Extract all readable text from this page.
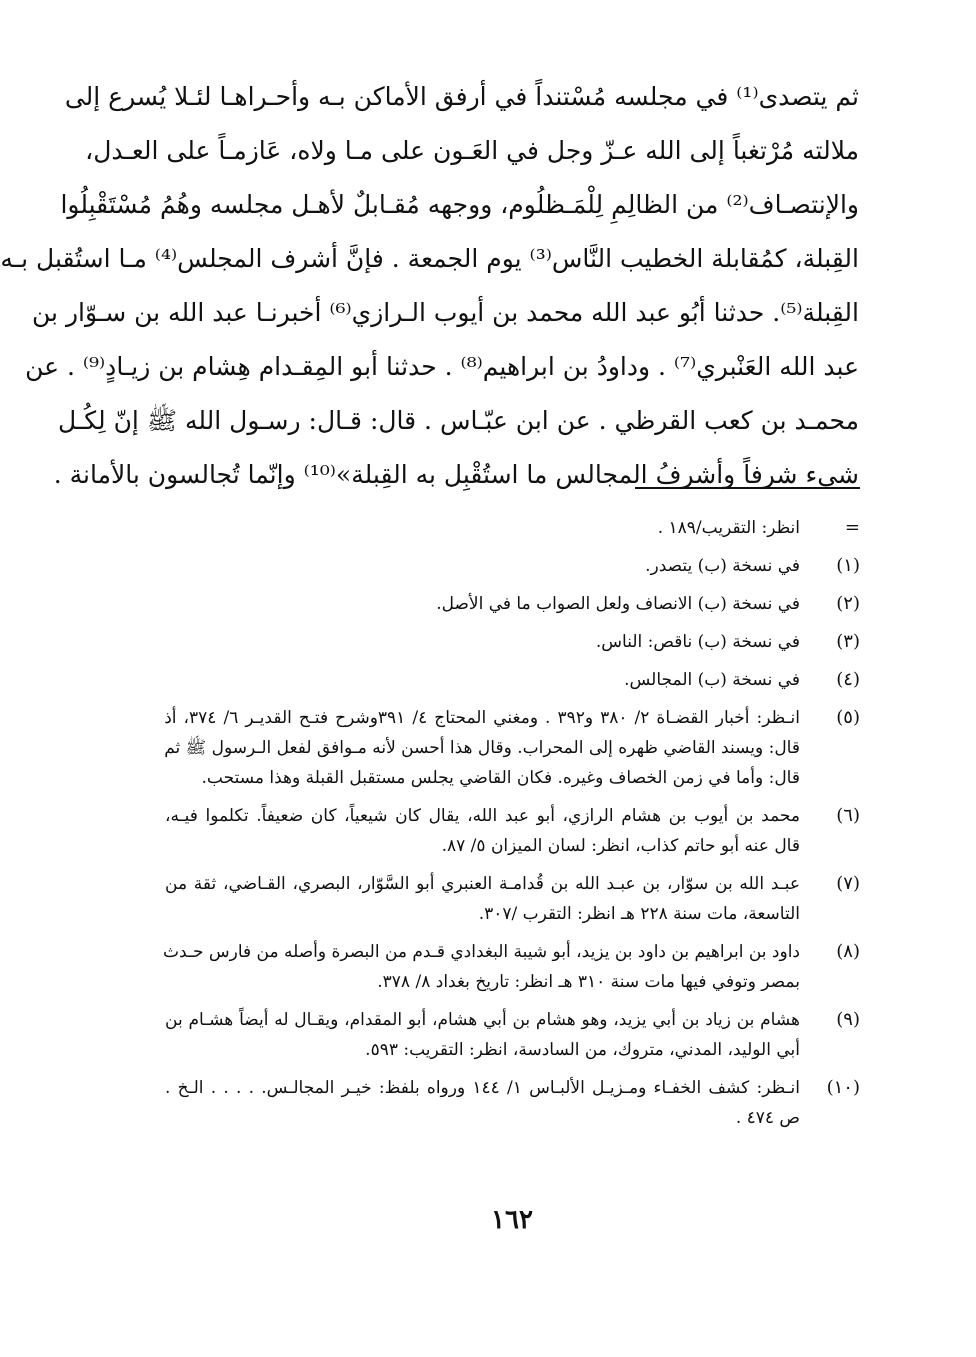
ثم يتصدى⁽¹⁾ في مجلسه مُسْتنداً في أرفق الأماكن بـه وأحـراهـا لئـلا يُسرع إلى
ملالته مُرْتغباً إلى الله عـزّ وجل في العَـون على مـا ولاه، عَازمـاً على العـدل،
والإنتصـاف⁽²⁾ من الظالِمِ لِلْمَـظلُوم، ووجهه مُقـابلٌ لأهـل مجلسه وهُمُ مُسْتَقْبِلُوا
القِبلة، كمُقابلة الخطيب النَّاس⁽³⁾ يوم الجمعة . فإنَّ أشرف المجلس⁽⁴⁾ مـا استُقبل بـه
القِبلة⁽⁵⁾. حدثنا أبُو عبد الله محمد بن أيوب الـرازي⁽⁶⁾ أخبرنـا عبد الله بن سـوّار بن
عبد الله العَنْبري⁽⁷⁾ . وداودُ بن ابراهيم⁽⁸⁾ . حدثنا أبو المِقـدام هِشام بن زيـادٍ⁽⁹⁾ . عن
محمـد بن كعب القرظي . عن ابن عبّـاس . قال: قـال: رسـول الله ﷺ إنّ لِكُـل
شيء شرفاً وأشرفُ المجالس ما استُقْبِل به القِبلة»⁽¹⁰⁾ وإنّما تُجالسون بالأمانة .
=
انظر: التقريب/١٨٩ .
(١)
في نسخة (ب) يتصدر.
(٢)
في نسخة (ب) الانصاف ولعل الصواب ما في الأصل.
(٣)
في نسخة (ب) ناقص: الناس.
(٤)
في نسخة (ب) المجالس.
(٥)
انـظر: أخبار القضـاة ٢/ ٣٨٠ و٣٩٢ . ومغني المحتاج ٤/ ٣٩١وشرح فتـح القديـر ٦/ ٣٧٤، أذ
قال: ويسند القاضي ظهره إلى المحراب. وقال هذا أحسن لأنه مـوافق لفعل الـرسول ﷺ ثم
قال: وأما في زمن الخصاف وغيره. فكان القاضي يجلس مستقبل القبلة وهذا مستحب.
(٦)
محمد بن أيوب بن هشام الرازي، أبو عبد الله، يقال كان شيعياً، كان ضعيفاً. تكلموا فيـه،
قال عنه أبو حاتم كذاب، انظر: لسان الميزان ٥/ ٨٧.
(٧)
عبـد الله بن سوّار، بن عبـد الله بن قُدامـة العنبري أبو السَّوّار، البصري، القـاضي، ثقة من
التاسعة، مات سنة ٢٢٨ هـ انظر: التقرب /٣٠٧.
(٨)
داود بن ابراهيم بن داود بن يزيد، أبو شيبة البغدادي قـدم من البصرة وأصله من فارس حـدث
بمصر وتوفي فيها مات سنة ٣١٠ هـ انظر: تاريخ بغداد ٨/ ٣٧٨.
(٩)
هشام بن زياد بن أبي يزيد، وهو هشام بن أبي هشام، أبو المقدام، ويقـال له أيضاً هشـام بن
أبي الوليد، المدني، متروك، من السادسة، انظر: التقريب: ٥٩٣.
(١٠)
انـظر: كشف الخفـاء ومـزيـل الألبـاس ١/ ١٤٤ ورواه بلفظ: خيـر المجالـس. . . . . الـخ .
ص ٤٧٤ .
١٦٢
